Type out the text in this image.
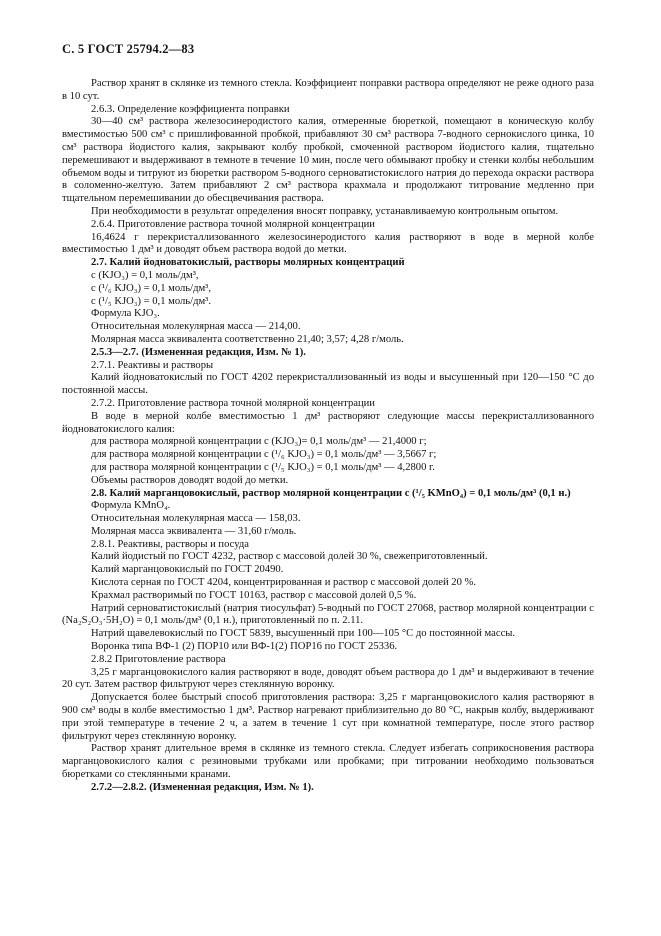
С. 5 ГОСТ 25794.2—83

Раствор хранят в склянке из темного стекла. Коэффициент поправки раствора определяют не реже одного раза в 10 сут.

2.6.3. Определение коэффициента поправки

30—40 см³ раствора железосинеродистого калия, отмеренные бюреткой, помещают в коническую колбу вместимостью 500 см³ с пришлифованной пробкой, прибавляют 30 см³ раствора 7-водного сернокислого цинка, 10 см³ раствора йодистого калия, закрывают колбу пробкой, смоченной раствором йодистого калия, тщательно перемешивают и выдерживают в темноте в течение 10 мин, после чего обмывают пробку и стенки колбы небольшим объемом воды и титруют из бюретки раствором 5-водного серноватистокислого натрия до перехода окраски раствора в соломенно-желтую. Затем прибавляют 2 см³ раствора крахмала и продолжают титрование медленно при тщательном перемешивании до обесцвечивания раствора.

При необходимости в результат определения вносят поправку, устанавливаемую контрольным опытом.

2.6.4. Приготовление раствора точной молярной концентрации

16,4624 г перекристаллизованного железосинеродистого калия растворяют в воде в мерной колбе вместимостью 1 дм³ и доводят объем раствора водой до метки.

2.7. Калий йодноватокислый, растворы молярных концентраций

c (KJO₃) = 0,1 моль/дм³,

c (¹/₆ KJO₃) = 0,1 моль/дм³,

c (¹/₅ KJO₃) = 0,1 моль/дм³.

Формула KJO₃.

Относительная молекулярная масса — 214,00.

Молярная масса эквивалента соответственно 21,40; 3,57; 4,28 г/моль.

2.5.3—2.7. (Измененная редакция, Изм. № 1).

2.7.1. Реактивы и растворы

Калий йодноватокислый по ГОСТ 4202 перекристаллизованный из воды и высушенный при 120—150 °С до постоянной массы.

2.7.2. Приготовление раствора точной молярной концентрации

В воде в мерной колбе вместимостью 1 дм³ растворяют следующие массы перекристаллизованного йодноватокислого калия:

для раствора молярной концентрации c (KJO₃)= 0,1 моль/дм³ — 21,4000 г;

для раствора молярной концентрации c (¹/₆ KJO₃) = 0,1 моль/дм³ — 3,5667 г;

для раствора молярной концентрации c (¹/₅ KJO₃) = 0,1 моль/дм³ — 4,2800 г.

Объемы растворов доводят водой до метки.

2.8. Калий марганцовокислый, раствор молярной концентрации c (¹/₅ KMnO₄) = 0,1 моль/дм³ (0,1 н.)

Формула KMnO₄.

Относительная молекулярная масса — 158,03.

Молярная масса эквивалента — 31,60 г/моль.

2.8.1. Реактивы, растворы и посуда

Калий йодистый по ГОСТ 4232, раствор с массовой долей 30 %, свежеприготовленный.

Калий марганцовокислый по ГОСТ 20490.

Кислота серная по ГОСТ 4204, концентрированная и раствор с массовой долей 20 %.

Крахмал растворимый по ГОСТ 10163, раствор с массовой долей 0,5 %.

Натрий серноватистокислый (натрия тиосульфат) 5-водный по ГОСТ 27068, раствор молярной концентрации c (Na₂S₂O₃·5H₂O) = 0,1 моль/дм³ (0,1 н.), приготовленный по п. 2.11.

Натрий щавелевокислый по ГОСТ 5839, высушенный при 100—105 °С до постоянной массы.

Воронка типа ВФ-1 (2) ПОР10 или ВФ-1(2) ПОР16 по ГОСТ 25336.

2.8.2 Приготовление раствора

3,25 г марганцовокислого калия растворяют в воде, доводят объем раствора до 1 дм³ и выдерживают в течение 20 сут. Затем раствор фильтруют через стеклянную воронку.

Допускается более быстрый способ приготовления раствора: 3,25 г марганцовокислого калия растворяют в 900 см³ воды в колбе вместимостью 1 дм³. Раствор нагревают приблизительно до 80 °С, накрыв колбу, выдерживают при этой температуре в течение 2 ч, а затем в течение 1 сут при комнатной температуре, после этого раствор фильтруют через стеклянную воронку.

Раствор хранят длительное время в склянке из темного стекла. Следует избегать соприкосновения раствора марганцовокислого калия с резиновыми трубками или пробками; при титровании необходимо пользоваться бюретками со стеклянными кранами.

2.7.2—2.8.2. (Измененная редакция, Изм. № 1).
